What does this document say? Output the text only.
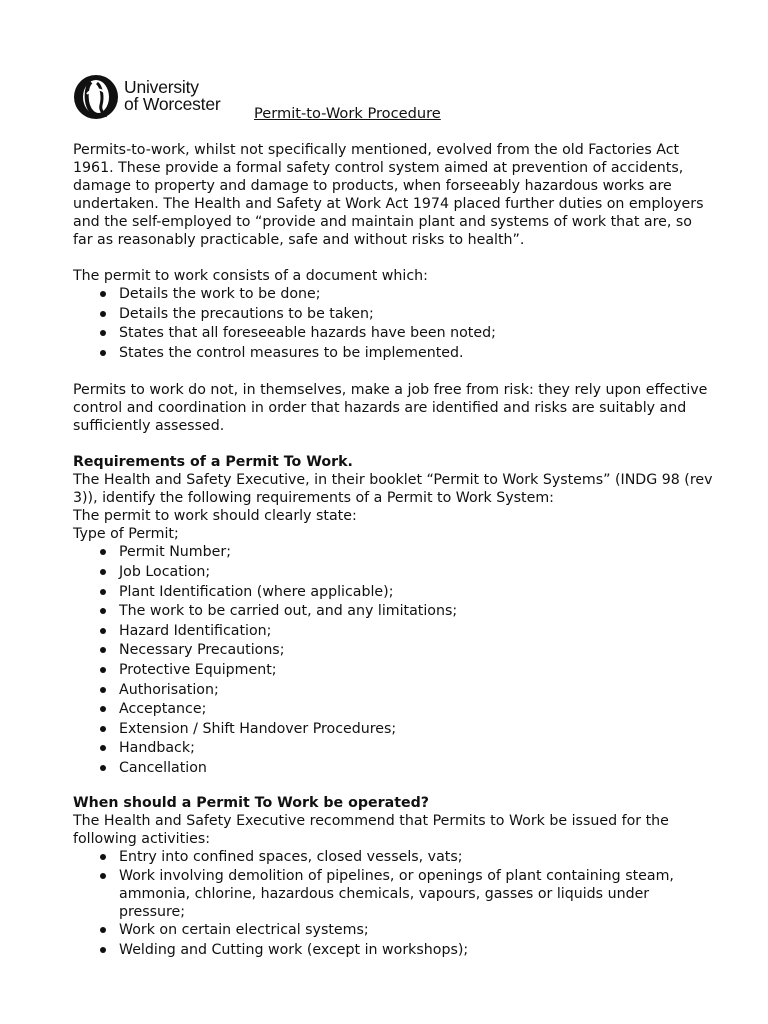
University
of Worcester Permit-to-Work Procedure

Permits-to-work, whilst not specifically mentioned, evolved from the old Factories Act 1961. These provide a formal safety control system aimed at prevention of accidents, damage to property and damage to products, when forseeably hazardous works are undertaken. The Health and Safety at Work Act 1974 placed further duties on employers and the self-employed to “provide and maintain plant and systems of work that are, so far as reasonably practicable, safe and without risks to health”.

The permit to work consists of a document which:

Details the work to be done;
Details the precautions to be taken;
States that all foreseeable hazards have been noted;
States the control measures to be implemented.

Permits to work do not, in themselves, make a job free from risk: they rely upon effective control and coordination in order that hazards are identified and risks are suitably and sufficiently assessed.

Requirements of a Permit To Work.

The Health and Safety Executive, in their booklet “Permit to Work Systems” (INDG 98 (rev 3)), identify the following requirements of a Permit to Work System:

The permit to work should clearly state:

Type of Permit;

Permit Number;
Job Location;
Plant Identification (where applicable);
The work to be carried out, and any limitations;
Hazard Identification;
Necessary Precautions;
Protective Equipment;
Authorisation;
Acceptance;
Extension / Shift Handover Procedures;
Handback;
Cancellation

When should a Permit To Work be operated?

The Health and Safety Executive recommend that Permits to Work be issued for the following activities:

Entry into confined spaces, closed vessels, vats;
Work involving demolition of pipelines, or openings of plant containing steam, ammonia, chlorine, hazardous chemicals, vapours, gasses or liquids under pressure;
Work on certain electrical systems;
Welding and Cutting work (except in workshops);
